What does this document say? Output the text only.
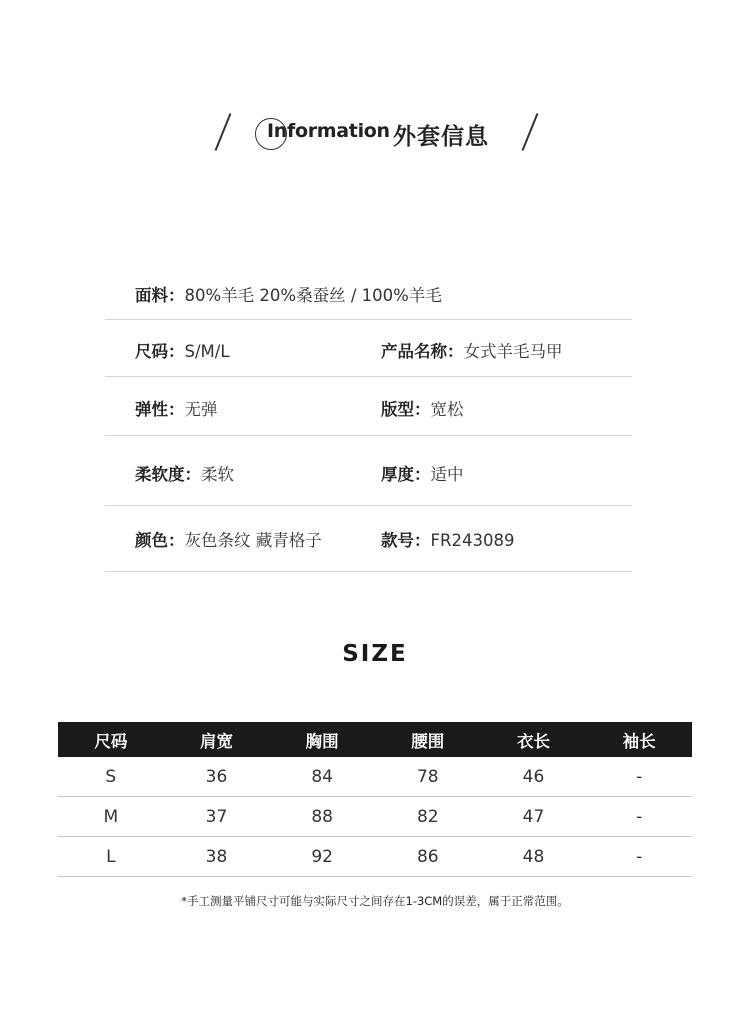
Information 外套信息
面料：80%羊毛 20%桑蚕丝 / 100%羊毛
尺码：S/M/L	产品名称：女式羊毛马甲
弹性：无弹	版型：宽松
柔软度：柔软	厚度：适中
颜色：灰色条纹 藏青格子	款号：FR243089
SIZE
尺码	肩宽	胸围	腰围	衣长	袖长
S	36	84	78	46	-
M	37	88	82	47	-
L	38	92	86	48	-
*手工测量平铺尺寸可能与实际尺寸之间存在1-3CM的误差，属于正常范围。
